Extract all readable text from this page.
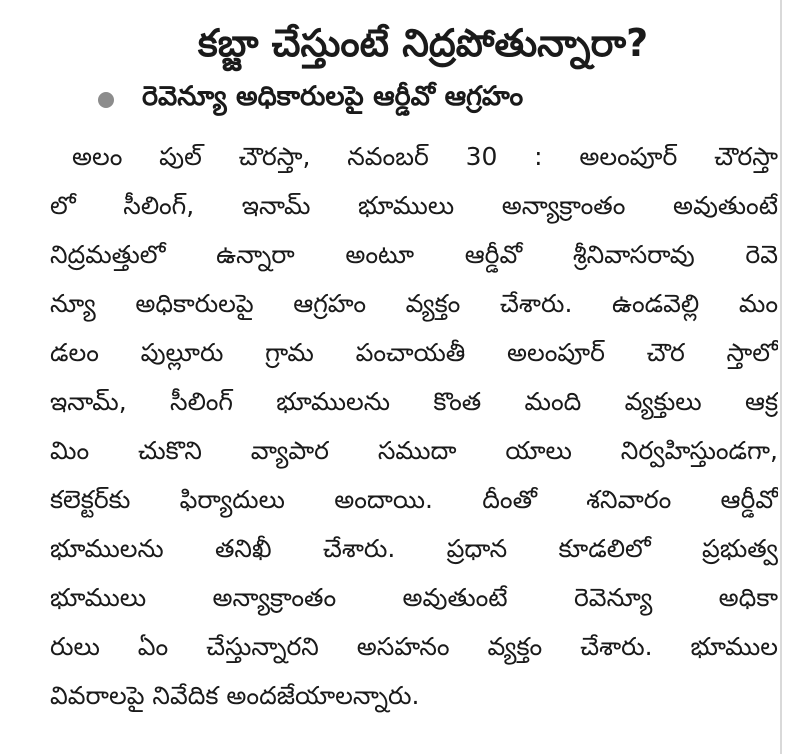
కబ్జా చేస్తుంటే నిద్రపోతున్నారా?
రెవెన్యూ అధికారులపై ఆర్డీవో ఆగ్రహం
అలం పుల్ చౌరస్తా, నవంబర్ 30 : అలంపూర్ చౌరస్తా
లో సీలింగ్, ఇనామ్ భూములు అన్యాక్రాంతం అవుతుంటే
నిద్రమత్తులో ఉన్నారా అంటూ ఆర్డీవో శ్రీనివాసరావు రెవె
న్యూ అధికారులపై ఆగ్రహం వ్యక్తం చేశారు. ఉండవెల్లి మం
డలం పుల్లూరు గ్రామ పంచాయతీ అలంపూర్ చౌర స్తాలో
ఇనామ్, సీలింగ్ భూములను కొంత మంది వ్యక్తులు ఆక్ర
మిం చుకొని వ్యాపార సముదా యాలు నిర్వహిస్తుండగా,
కలెక్టర్‌కు ఫిర్యాదులు అందాయి. దీంతో శనివారం ఆర్డీవో
భూములను తనిఖీ చేశారు. ప్రధాన కూడలిలో ప్రభుత్వ
భూములు అన్యాక్రాంతం అవుతుంటే రెవెన్యూ అధికా
రులు ఏం చేస్తున్నారని అసహనం వ్యక్తం చేశారు. భూముల
వివరాలపై నివేదిక అందజేయాలన్నారు.
